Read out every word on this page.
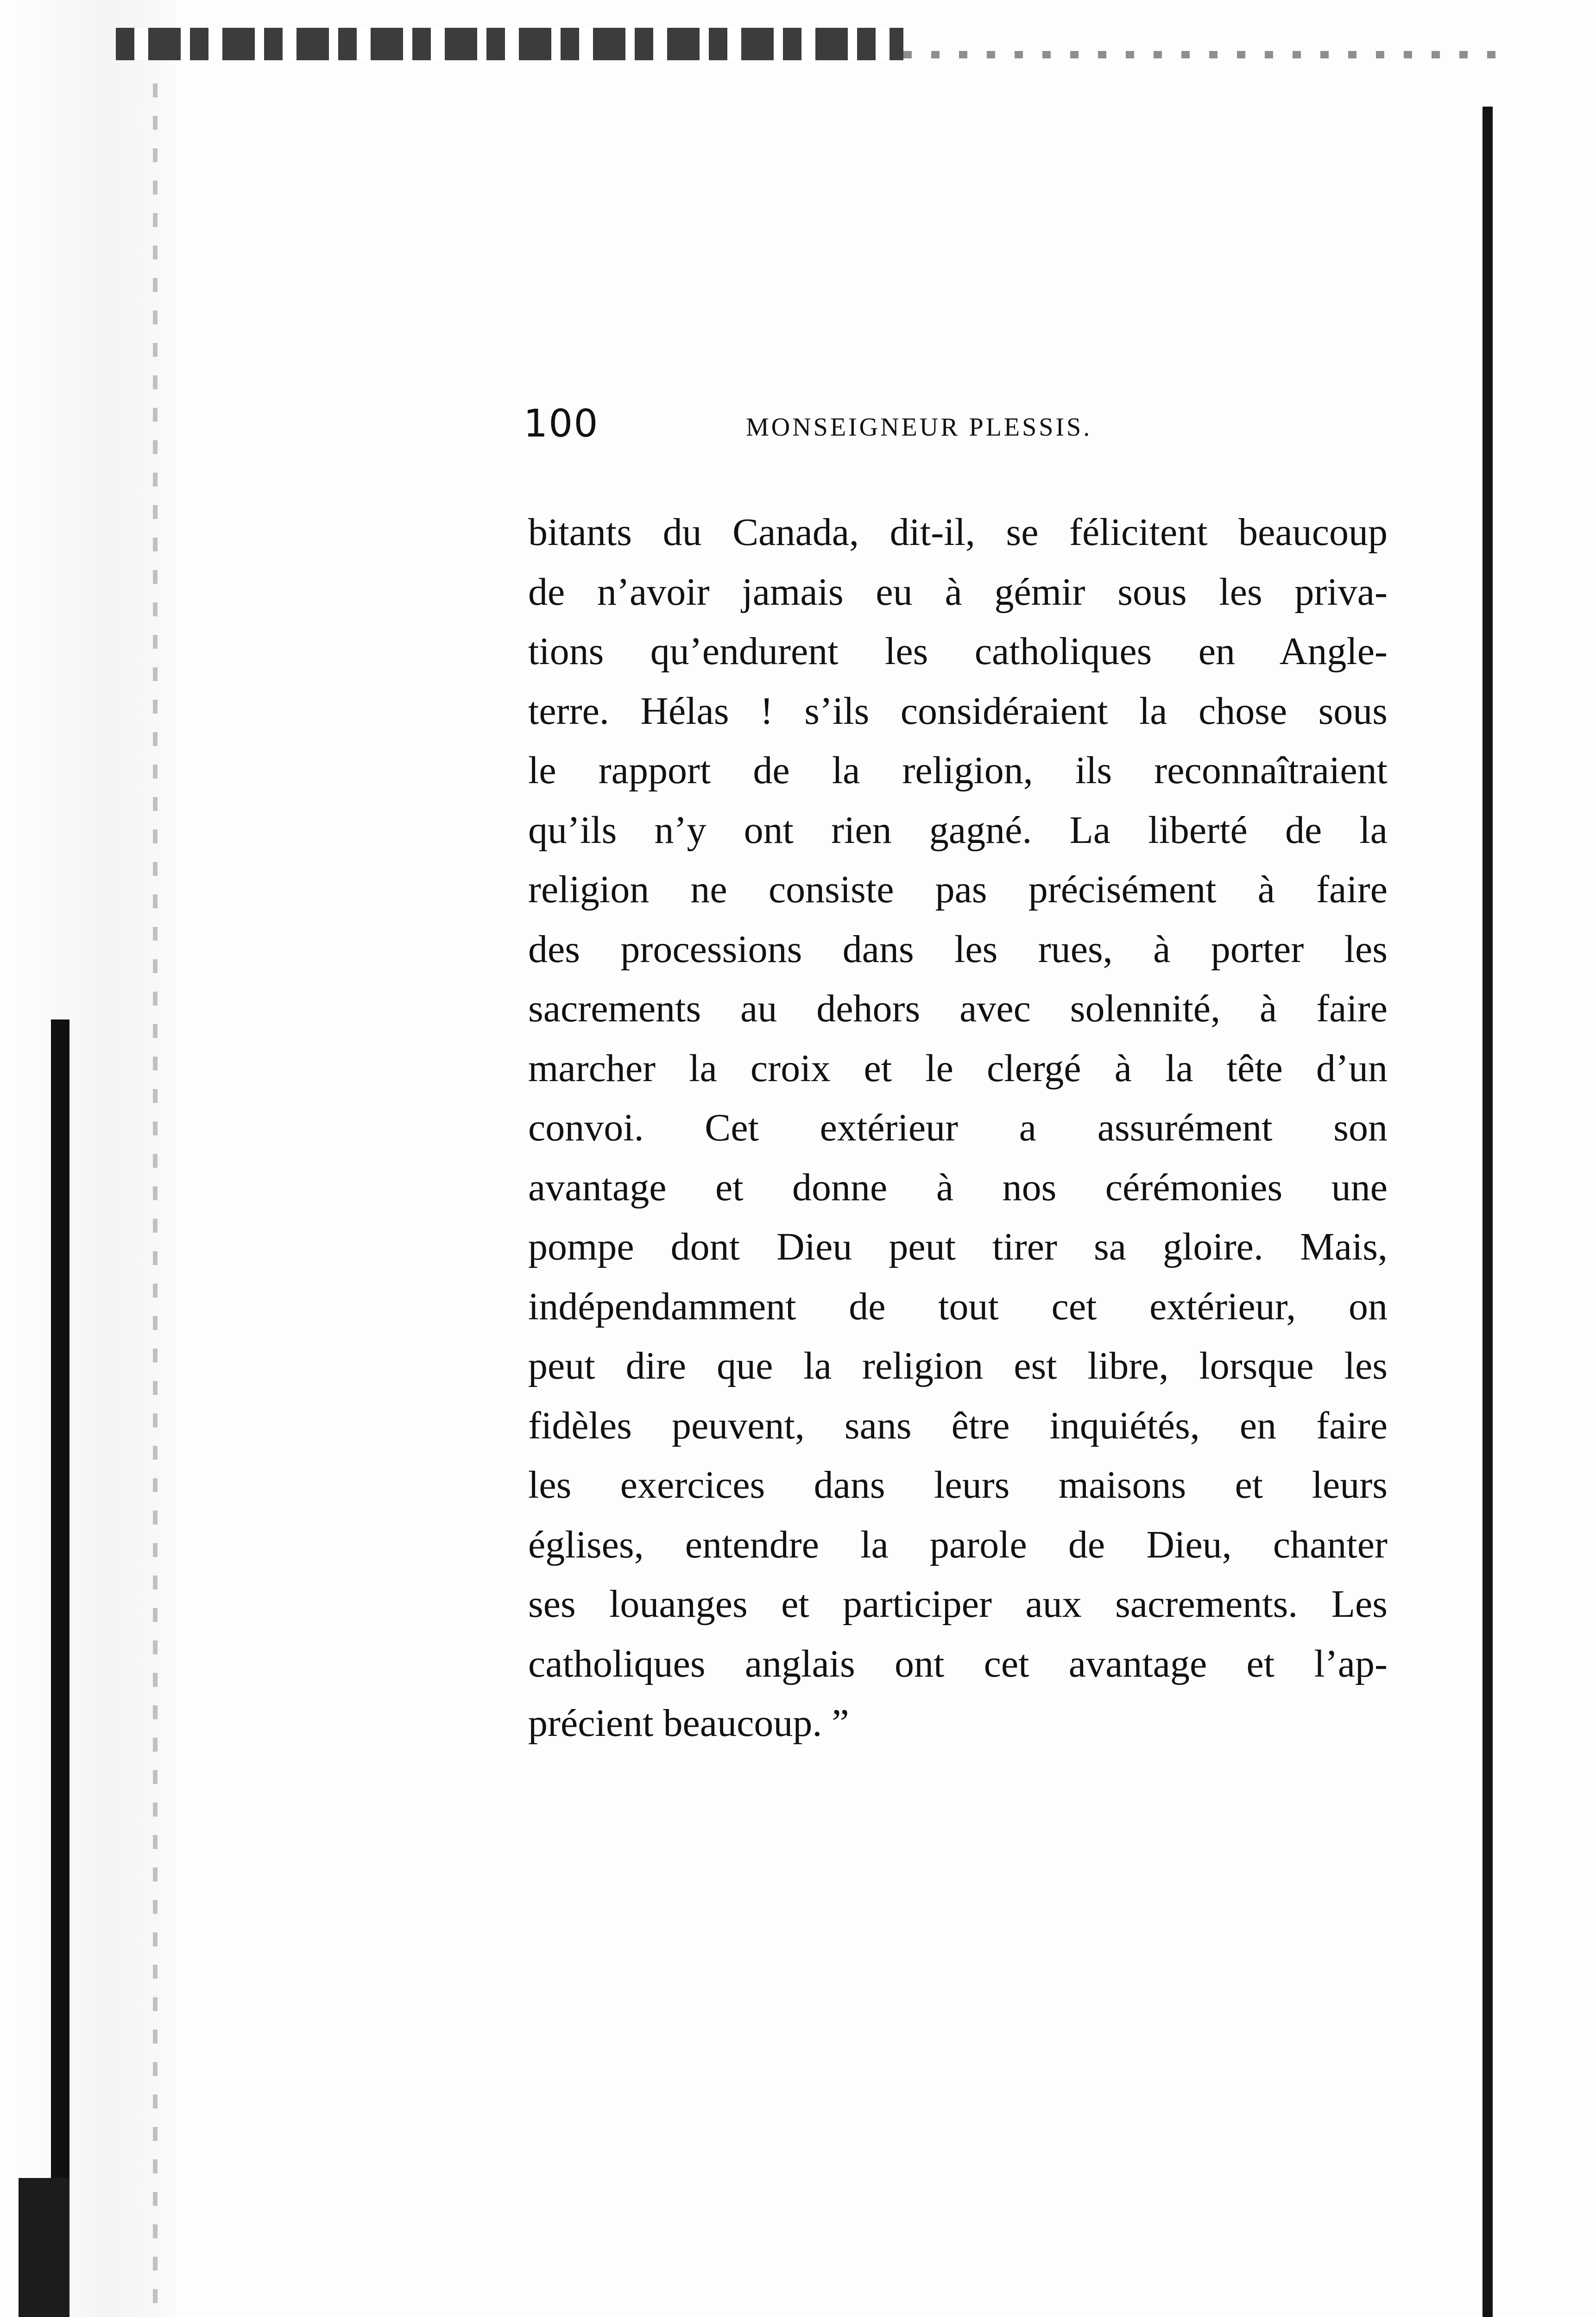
100	MONSEIGNEUR PLESSIS.
bitants du Canada, dit-il, se félicitent beaucoup
de n’avoir jamais eu à gémir sous les priva-
tions qu’endurent les catholiques en Angle-
terre. Hélas ! s’ils considéraient la chose sous
le rapport de la religion, ils reconnaîtraient
qu’ils n’y ont rien gagné. La liberté de la
religion ne consiste pas précisément à faire
des processions dans les rues, à porter les
sacrements au dehors avec solennité, à faire
marcher la croix et le clergé à la tête d’un
convoi. Cet extérieur a assurément son
avantage et donne à nos cérémonies une
pompe dont Dieu peut tirer sa gloire. Mais,
indépendamment de tout cet extérieur, on
peut dire que la religion est libre, lorsque les
fidèles peuvent, sans être inquiétés, en faire
les exercices dans leurs maisons et leurs
églises, entendre la parole de Dieu, chanter
ses louanges et participer aux sacrements. Les
catholiques anglais ont cet avantage et l’ap-
précient beaucoup. ”
